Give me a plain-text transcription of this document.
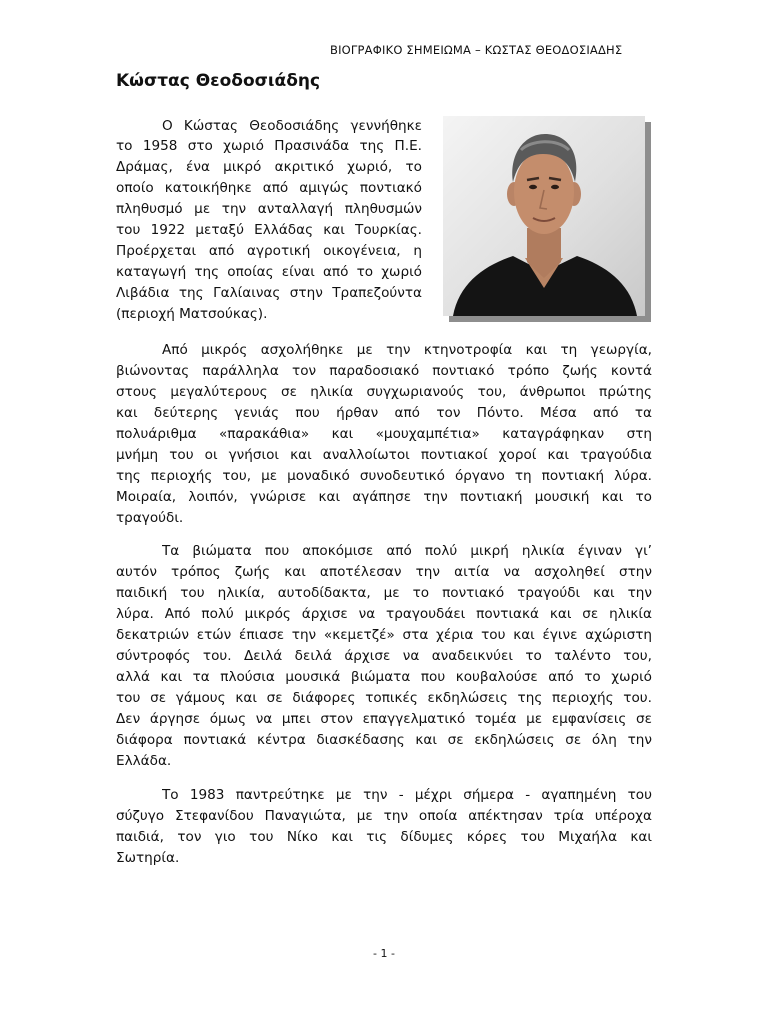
ΒΙΟΓΡΑΦΙΚΟ ΣΗΜΕΙΩΜΑ – ΚΩΣΤΑΣ ΘΕΟΔΟΣΙΑΔΗΣ
Κώστας Θεοδοσιάδης
Ο Κώστας Θεοδοσιάδης γεννήθηκε
το 1958 στο χωριό Πρασινάδα της Π.Ε.
Δράμας, ένα μικρό ακριτικό χωριό, το
οποίο κατοικήθηκε από αμιγώς ποντιακό
πληθυσμό με την ανταλλαγή πληθυσμών
του 1922 μεταξύ Ελλάδας και Τουρκίας.
Προέρχεται από αγροτική οικογένεια, η
καταγωγή της οποίας είναι από το χωριό
Λιβάδια της Γαλίαινας στην Τραπεζούντα
(περιοχή Ματσούκας).
Από μικρός ασχολήθηκε με την κτηνοτροφία και τη γεωργία,
βιώνοντας παράλληλα τον παραδοσιακό ποντιακό τρόπο ζωής κοντά
στους μεγαλύτερους σε ηλικία συγχωριανούς του, άνθρωποι πρώτης
και δεύτερης γενιάς που ήρθαν από τον Πόντο. Μέσα από τα
πολυάριθμα «παρακάθια» και «μουχαμπέτια» καταγράφηκαν στη
μνήμη του οι γνήσιοι και αναλλοίωτοι ποντιακοί χοροί και τραγούδια
της περιοχής του, με μοναδικό συνοδευτικό όργανο τη ποντιακή λύρα.
Μοιραία, λοιπόν, γνώρισε και αγάπησε την ποντιακή μουσική και το
τραγούδι.
Τα βιώματα που αποκόμισε από πολύ μικρή ηλικία έγιναν γι’
αυτόν τρόπος ζωής και αποτέλεσαν την αιτία να ασχοληθεί στην
παιδική του ηλικία, αυτοδίδακτα, με το ποντιακό τραγούδι και την
λύρα. Από πολύ μικρός άρχισε να τραγουδάει ποντιακά και σε ηλικία
δεκατριών ετών έπιασε την «κεμετζέ» στα χέρια του και έγινε αχώριστη
σύντροφός του. Δειλά δειλά άρχισε να αναδεικνύει το ταλέντο του,
αλλά και τα πλούσια μουσικά βιώματα που κουβαλούσε από το χωριό
του σε γάμους και σε διάφορες τοπικές εκδηλώσεις της περιοχής του.
Δεν άργησε όμως να μπει στον επαγγελματικό τομέα με εμφανίσεις σε
διάφορα ποντιακά κέντρα διασκέδασης και σε εκδηλώσεις σε όλη την
Ελλάδα.
Το 1983 παντρεύτηκε με την - μέχρι σήμερα - αγαπημένη του
σύζυγο Στεφανίδου Παναγιώτα, με την οποία απέκτησαν τρία υπέροχα
παιδιά, τον γιο του Νίκο και τις δίδυμες κόρες του Μιχαήλα και
Σωτηρία.
- 1 -
